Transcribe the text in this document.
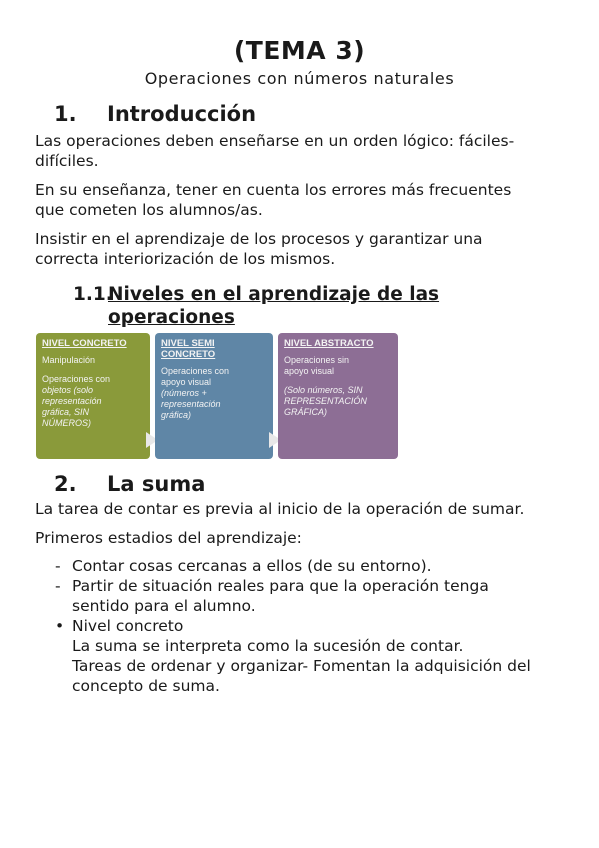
(TEMA 3)
Operaciones con números naturales
1. Introducción
Las operaciones deben enseñarse en un orden lógico: fáciles-
difíciles.
En su enseñanza, tener en cuenta los errores más frecuentes
que cometen los alumnos/as.
Insistir en el aprendizaje de los procesos y garantizar una
correcta interiorización de los mismos.
1.1.
Niveles en el aprendizaje de las
operaciones
NIVEL CONCRETO
Manipulación
Operaciones con
objetos (solo
representación
gráfica, SIN
NÚMEROS)
NIVEL SEMI
CONCRETO
Operaciones con
apoyo visual
(números +
representación
gráfica)
NIVEL ABSTRACTO
Operaciones sin
apoyo visual
(Solo números, SIN
REPRESENTACIÓN
GRÁFICA)
2. La suma
La tarea de contar es previa al inicio de la operación de sumar.
Primeros estadios del aprendizaje:
- Contar cosas cercanas a ellos (de su entorno).
- Partir de situación reales para que la operación tenga
sentido para el alumno.
• Nivel concreto
La suma se interpreta como la sucesión de contar.
Tareas de ordenar y organizar- Fomentan la adquisición del
concepto de suma.
